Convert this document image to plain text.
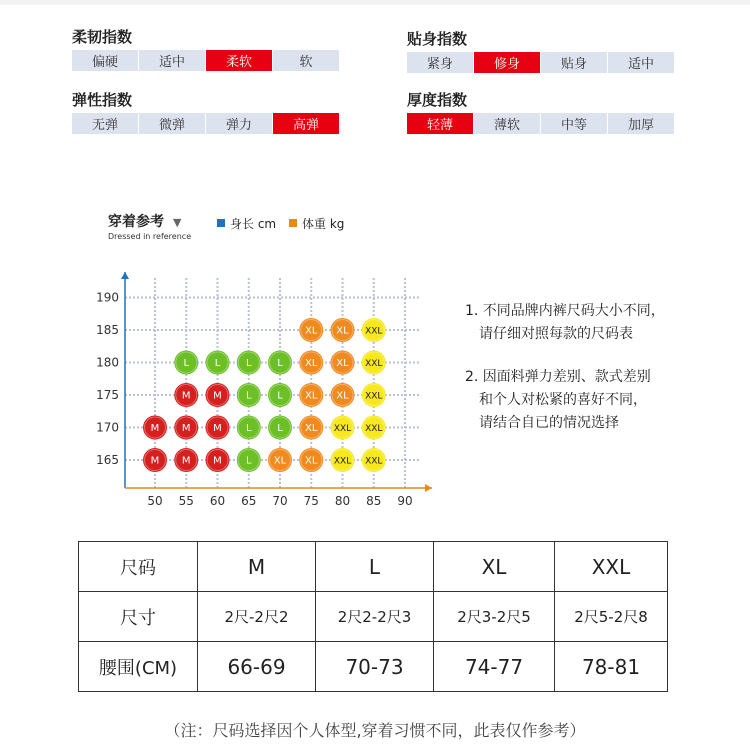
柔韧指数
偏硬	适中	柔软	软
贴身指数
紧身	修身	贴身	适中
弹性指数
无弹	微弹	弹力	高弹
厚度指数
轻薄	薄软	中等	加厚
穿着参考 ▼
Dressed in reference
身长 cm 体重 kg
50 55 60 65 70 75 80 85 90
165
170
175
180
185
190
M M M L XL XL XXL XXL
M M M L	L XL XXL XXL
M M L	L XL XL XXL
L	L	L	L XL XL XXL
XL XL XXL
1. 不同品牌内裤尺码大小不同，
请仔细对照每款的尺码表
2. 因面料弹力差别、款式差别
和个人对松紧的喜好不同，
请结合自已的情况选择
尺码	M	L	XL	XXL
尺寸	2尺-2尺2	2尺2-2尺3	2尺3-2尺5	2尺5-2尺8
腰围(CM)	66-69	70-73	74-77	78-81
（注：尺码选择因个人体型,穿着习惯不同，此表仅作参考）
